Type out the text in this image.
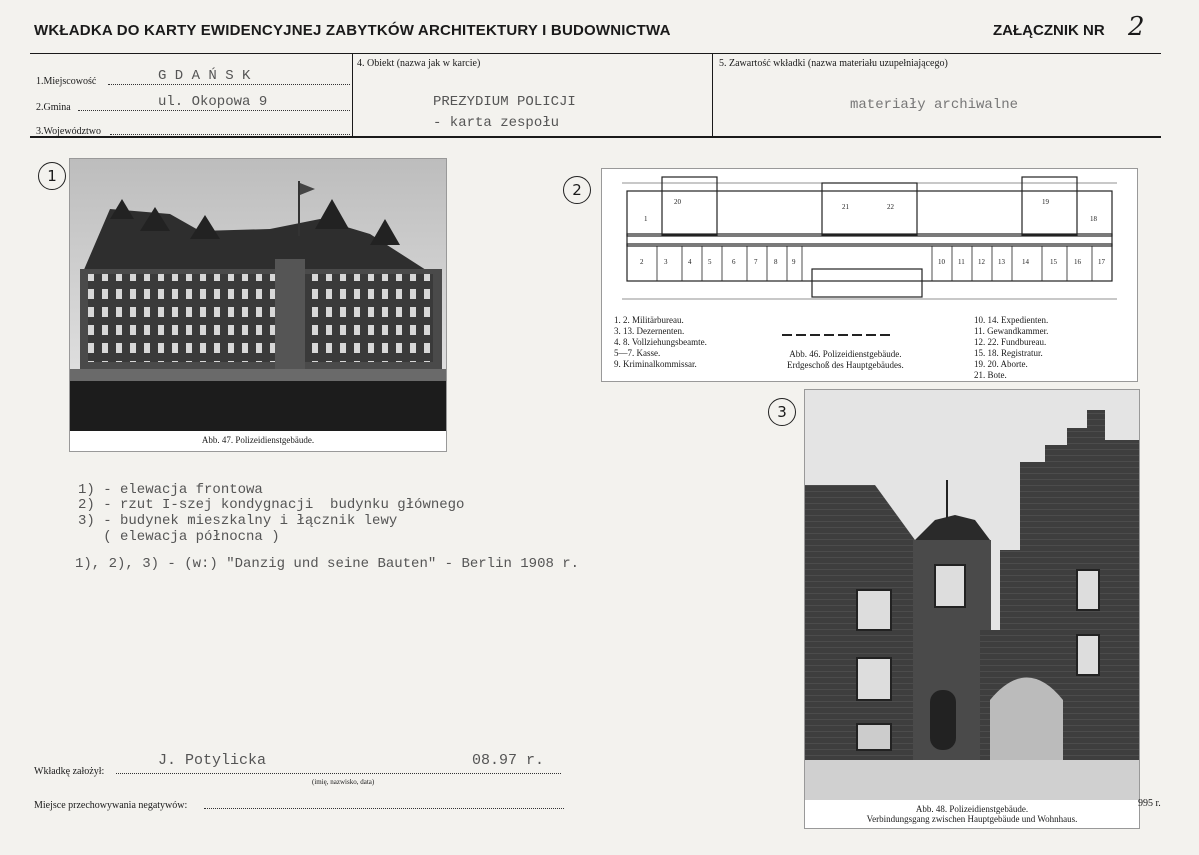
WKŁADKA DO KARTY EWIDENCYJNEJ ZABYTKÓW ARCHITEKTURY I BUDOWNICTWA	ZAŁĄCZNIK NR 2
1.Miejscowość	G D A Ń S K
2.Gmina	ul. Okopowa 9
3.Województwo
4. Obiekt (nazwa jak w karcie)
PREZYDIUM POLICJI
- karta zespołu
5. Zawartość wkładki (nazwa materiału uzupełniającego)
materiały archiwalne
1
Abb. 47. Polizeidienstgebäude.
2
1
2	3	4 5	6	7 8 9	10 11 12 13 14	15 16 17
18
19
20
21	22
1. 2. Militärbureau.
3. 13. Dezernenten.
4. 8. Vollziehungsbeamte.
5—7. Kasse.
9. Kriminalkommissar.
Abb. 46. Polizeidienstgebäude.
Erdgeschoß des Hauptgebäudes.
10. 14. Expedienten.
11. Gewandkammer.
12. 22. Fundbureau.
15. 18. Registratur.
19. 20. Aborte.
21. Bote.
3
Abb. 48. Polizeidienstgebäude.
Verbindungsgang zwischen Hauptgebäude und Wohnhaus.
995 r.
1) - elewacja frontowa
2) - rzut I-szej kondygnacji  budynku głównego
3) - budynek mieszkalny i łącznik lewy
( elewacja północna )
1), 2), 3) - (w:) "Danzig und seine Bauten" - Berlin 1908 r.
Wkładkę założył:
J. Potylicka	08.97 r.
(imię, nazwisko, data)
Miejsce przechowywania negatywów:
